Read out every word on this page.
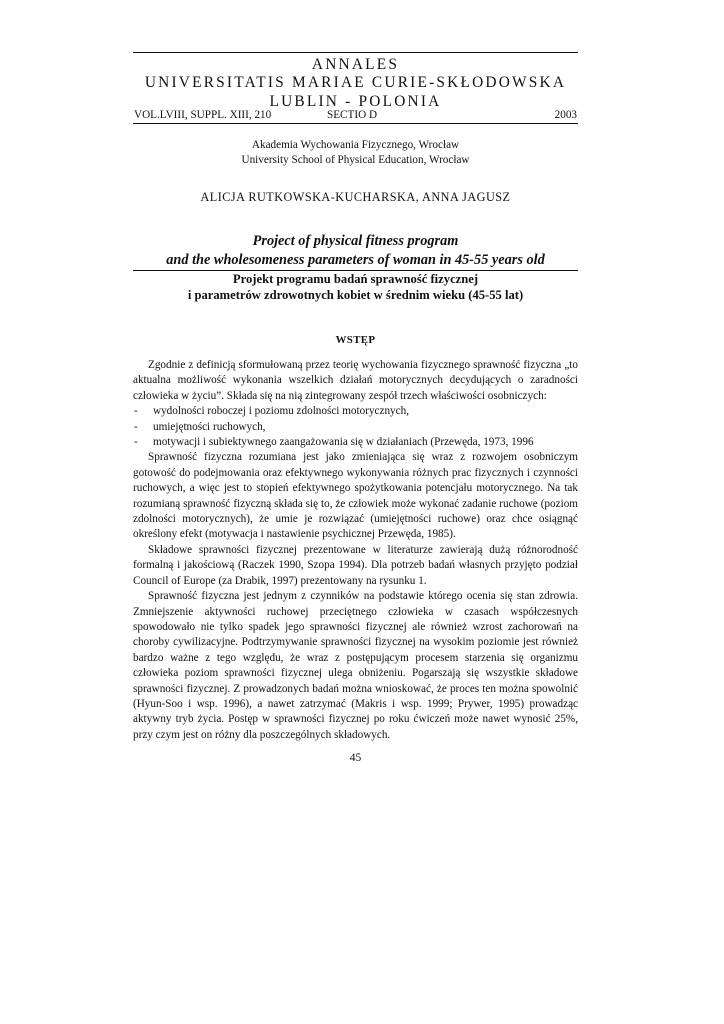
ANNALES
UNIVERSITATIS MARIAE CURIE-SKŁODOWSKA
LUBLIN - POLONIA
VOL.LVIII, SUPPL. XIII, 210	SECTIO D	2003
Akademia Wychowania Fizycznego, Wrocław
University School of Physical Education, Wrocław
ALICJA RUTKOWSKA-KUCHARSKA, ANNA JAGUSZ
Project of physical fitness program
and the wholesomeness parameters of woman in 45-55 years old
Projekt programu badań sprawność fizycznej
i parametrów zdrowotnych kobiet w średnim wieku (45-55 lat)
WSTĘP

Zgodnie z definicją sformułowaną przez teorię wychowania fizycznego sprawność fizyczna „to aktualna możliwość wykonania wszelkich działań motorycznych decydujących o zaradności człowieka w życiu”. Składa się na nią zintegrowany zespół trzech właściwości osobniczych:

- wydolności roboczej i poziomu zdolności motorycznych,

- umiejętności ruchowych,

- motywacji i subiektywnego zaangażowania się w działaniach (Przewęda, 1973, 1996

Sprawność fizyczna rozumiana jest jako zmieniająca się wraz z rozwojem osobniczym gotowość do podejmowania oraz efektywnego wykonywania różnych prac fizycznych i czynności ruchowych, a więc jest to stopień efektywnego spożytkowania potencjału motorycznego. Na tak rozumianą sprawność fizyczną składa się to, że człowiek może wykonać zadanie ruchowe (poziom zdolności motorycznych), że umie je rozwiązać (umiejętności ruchowe) oraz chce osiągnąć określony efekt (motywacja i nastawienie psychicznej Przewęda, 1985).

Składowe sprawności fizycznej prezentowane w literaturze zawierają dużą różnorodność formalną i jakościową (Raczek 1990, Szopa 1994). Dla potrzeb badań własnych przyjęto podział Council of Europe (za Drabik, 1997) prezentowany na rysunku 1.

Sprawność fizyczna jest jednym z czynników na podstawie którego ocenia się stan zdrowia. Zmniejszenie aktywności ruchowej przeciętnego człowieka w czasach współczesnych spowodowało nie tylko spadek jego sprawności fizycznej ale również wzrost zachorowań na choroby cywilizacyjne. Podtrzymywanie sprawności fizycznej na wysokim poziomie jest również bardzo ważne z tego względu, że wraz z postępującym procesem starzenia się organizmu człowieka poziom sprawności fizycznej ulega obniżeniu. Pogarszają się wszystkie składowe sprawności fizycznej. Z prowadzonych badań można wnioskować, że proces ten można spowolnić (Hyun-Soo i wsp. 1996), a nawet zatrzymać (Makris i wsp. 1999; Prywer, 1995) prowadząc aktywny tryb życia. Postęp w sprawności fizycznej po roku ćwiczeń może nawet wynosić 25%, przy czym jest on różny dla poszczególnych składowych.

45
